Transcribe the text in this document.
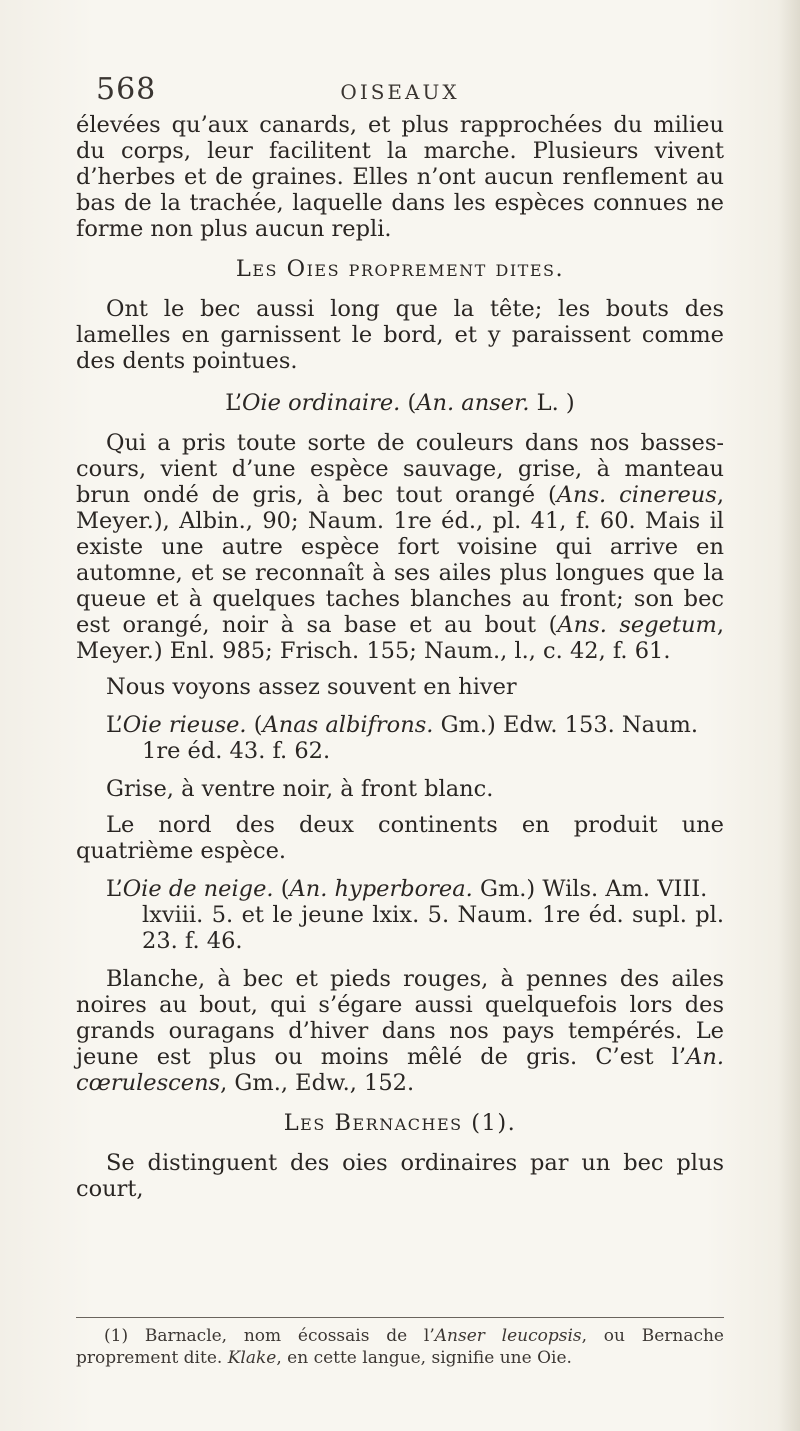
568	OISEAUX

élevées qu’aux canards, et plus rapprochées du milieu du corps, leur facilitent la marche. Plusieurs vivent d’herbes et de graines. Elles n’ont aucun renflement au bas de la trachée, laquelle dans les espèces connues ne forme non plus aucun repli.

Les Oies proprement dites.

Ont le bec aussi long que la tête; les bouts des lamelles en garnissent le bord, et y paraissent comme des dents pointues.

L’Oie ordinaire. (An. anser. L. )

Qui a pris toute sorte de couleurs dans nos basses-cours, vient d’une espèce sauvage, grise, à manteau brun ondé de gris, à bec tout orangé (Ans. cinereus, Meyer.), Albin., 90; Naum. 1re éd., pl. 41, f. 60. Mais il existe une autre espèce fort voisine qui arrive en automne, et se reconnaît à ses ailes plus longues que la queue et à quelques taches blanches au front; son bec est orangé, noir à sa base et au bout (Ans. segetum, Meyer.) Enl. 985; Frisch. 155; Naum., l., c. 42, f. 61.

Nous voyons assez souvent en hiver

L’Oie rieuse. (Anas albifrons. Gm.) Edw. 153. Naum.
1re éd. 43. f. 62.

Grise, à ventre noir, à front blanc.

Le nord des deux continents en produit une quatrième espèce.

L’Oie de neige. (An. hyperborea. Gm.) Wils. Am. VIII.
lxviii. 5. et le jeune lxix. 5. Naum. 1re éd. supl. pl. 23. f. 46.

Blanche, à bec et pieds rouges, à pennes des ailes noires au bout, qui s’égare aussi quelquefois lors des grands ouragans d’hiver dans nos pays tempérés. Le jeune est plus ou moins mêlé de gris. C’est l’An. cœrulescens, Gm., Edw., 152.

Les Bernaches (1).

Se distinguent des oies ordinaires par un bec plus court,

(1) Barnacle, nom écossais de l’Anser leucopsis, ou Bernache proprement dite. Klake, en cette langue, signifie une Oie.
